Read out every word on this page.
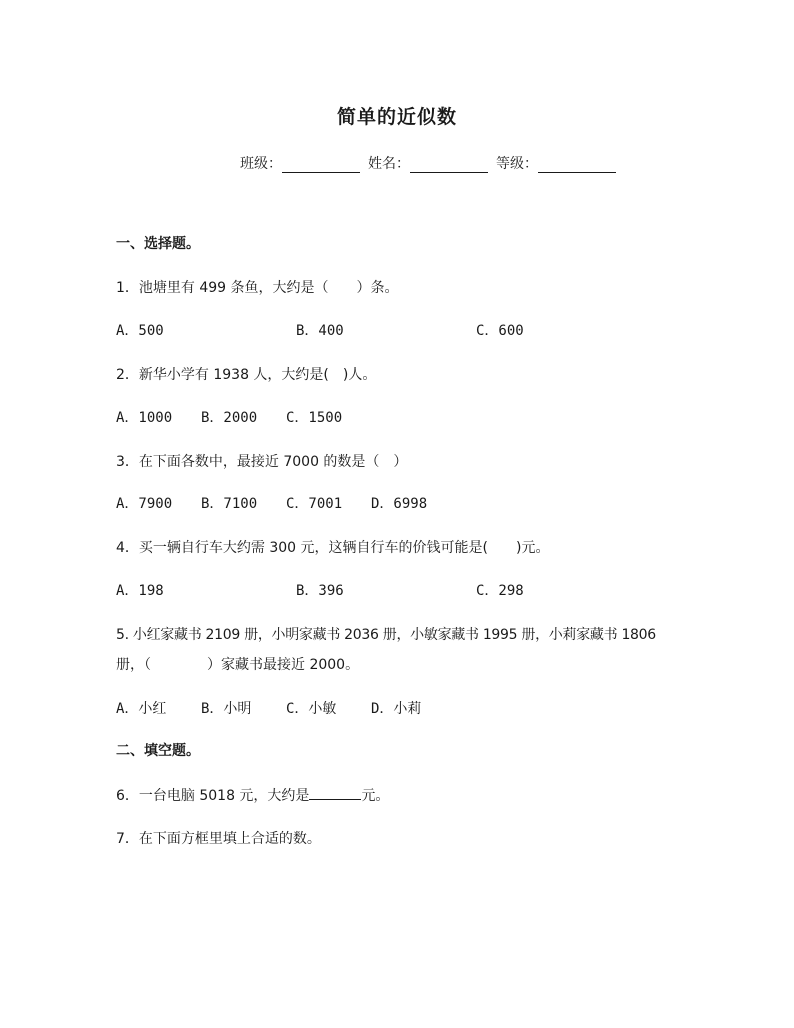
简单的近似数
班级：	姓名：	等级：
一、选择题。
1．池塘里有 499 条鱼，大约是（　　）条。
A．500	B．400	C．600
2．新华小学有 1938 人，大约是(　)人。
A．1000 B．2000 C．1500
3．在下面各数中，最接近 7000 的数是（　）
A．7900 B．7100 C．7001 D．6998
4．买一辆自行车大约需 300 元，这辆自行车的价钱可能是(　　)元。
A．198	B．396	C．298
5. 小红家藏书 2109 册，小明家藏书 2036 册，小敏家藏书 1995 册，小莉家藏书 1806
册，（　　　　）家藏书最接近 2000。
A．小红 B．小明 C．小敏 D．小莉
二、填空题。
6．一台电脑 5018 元，大约是	元。
7．在下面方框里填上合适的数。
